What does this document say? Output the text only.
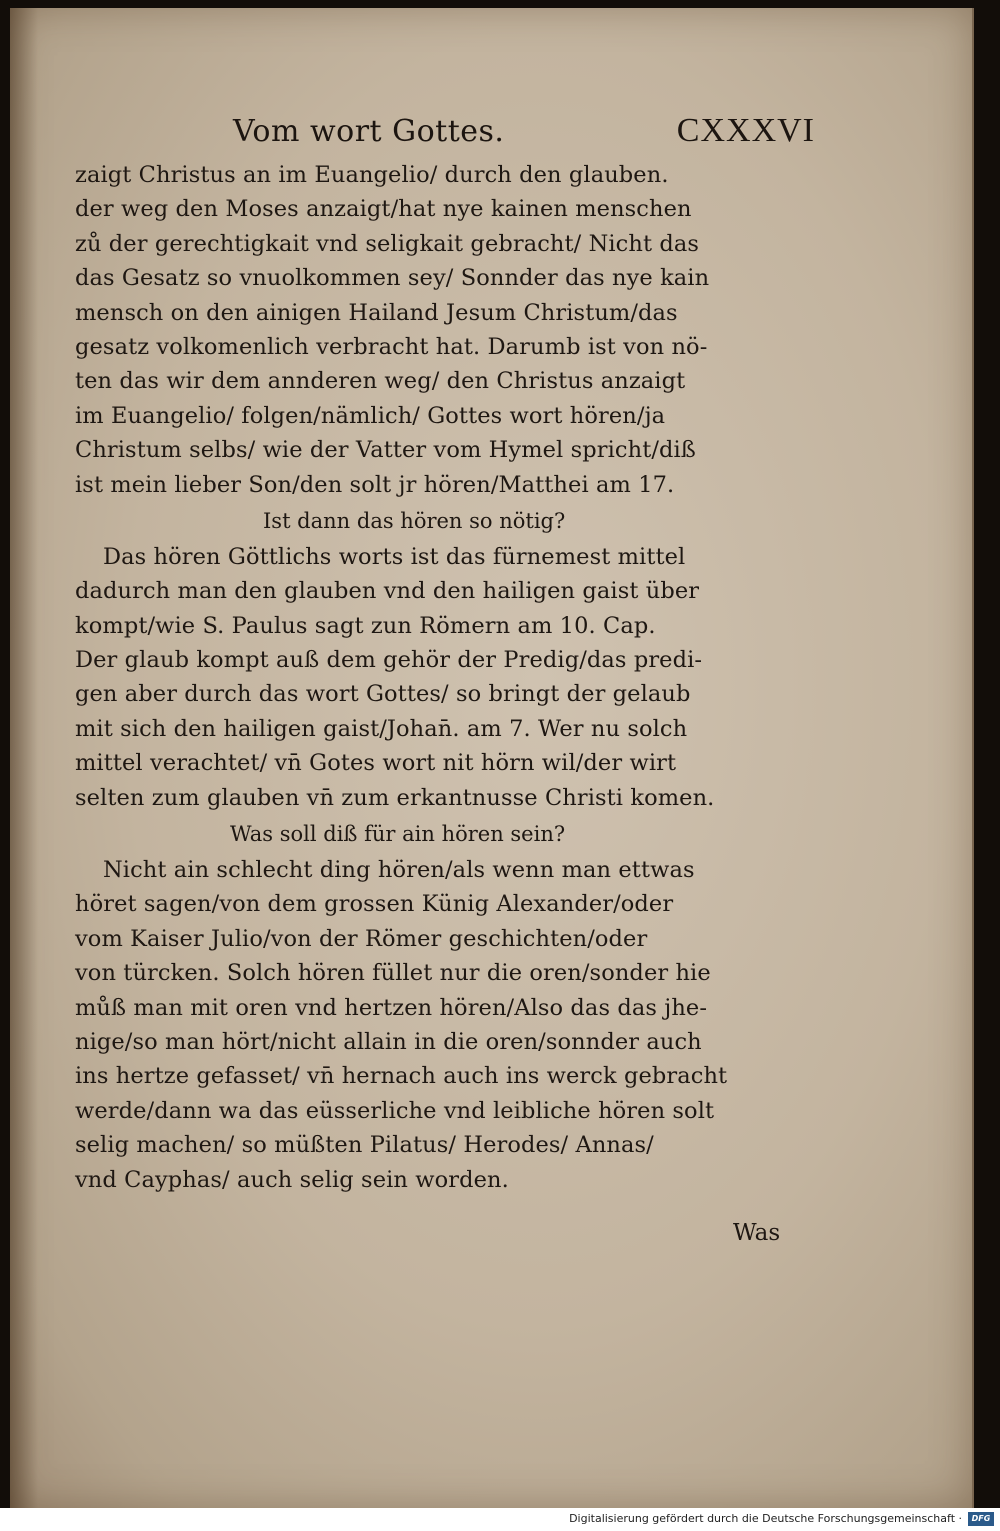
Vom wort Gottes.	CXXXVI
zaigt Christus an im Euangelio/ durch den glauben.
der weg den Moses anzaigt/hat nye kainen menschen
zů der gerechtigkait vnd seligkait gebracht/ Nicht das
das Gesatz so vnuolkommen sey/ Sonnder das nye kain
mensch on den ainigen Hailand Jesum Christum/das
gesatz volkomenlich verbracht hat. Darumb ist von nö-
ten das wir dem annderen weg/ den Christus anzaigt
im Euangelio/ folgen/nämlich/ Gottes wort hören/ja
Christum selbs/ wie der Vatter vom Hymel spricht/diß
ist mein lieber Son/den solt jr hören/Matthei am 17.
Ist dann das hören so nötig?
Das hören Göttlichs worts ist das fürnemest mittel
dadurch man den glauben vnd den hailigen gaist über
kompt/wie S. Paulus sagt zun Römern am 10. Cap.
Der glaub kompt auß dem gehör der Predig/das predi-
gen aber durch das wort Gottes/ so bringt der gelaub
mit sich den hailigen gaist/Johan̄. am 7. Wer nu solch
mittel verachtet/ vn̄ Gotes wort nit hörn wil/der wirt
selten zum glauben vn̄ zum erkantnusse Christi komen.
Was soll diß für ain hören sein?
Nicht ain schlecht ding hören/als wenn man ettwas
höret sagen/von dem grossen Künig Alexander/oder
vom Kaiser Julio/von der Römer geschichten/oder
von türcken. Solch hören füllet nur die oren/sonder hie
můß man mit oren vnd hertzen hören/Also das das jhe-
nige/so man hört/nicht allain in die oren/sonnder auch
ins hertze gefasset/ vn̄ hernach auch ins werck gebracht
werde/dann wa das eüsserliche vnd leibliche hören solt
selig machen/ so müßten Pilatus/ Herodes/ Annas/
vnd Cayphas/ auch selig sein worden.
Was
Digitalisierung gefördert durch die Deutsche Forschungsgemeinschaft ·	DFG
